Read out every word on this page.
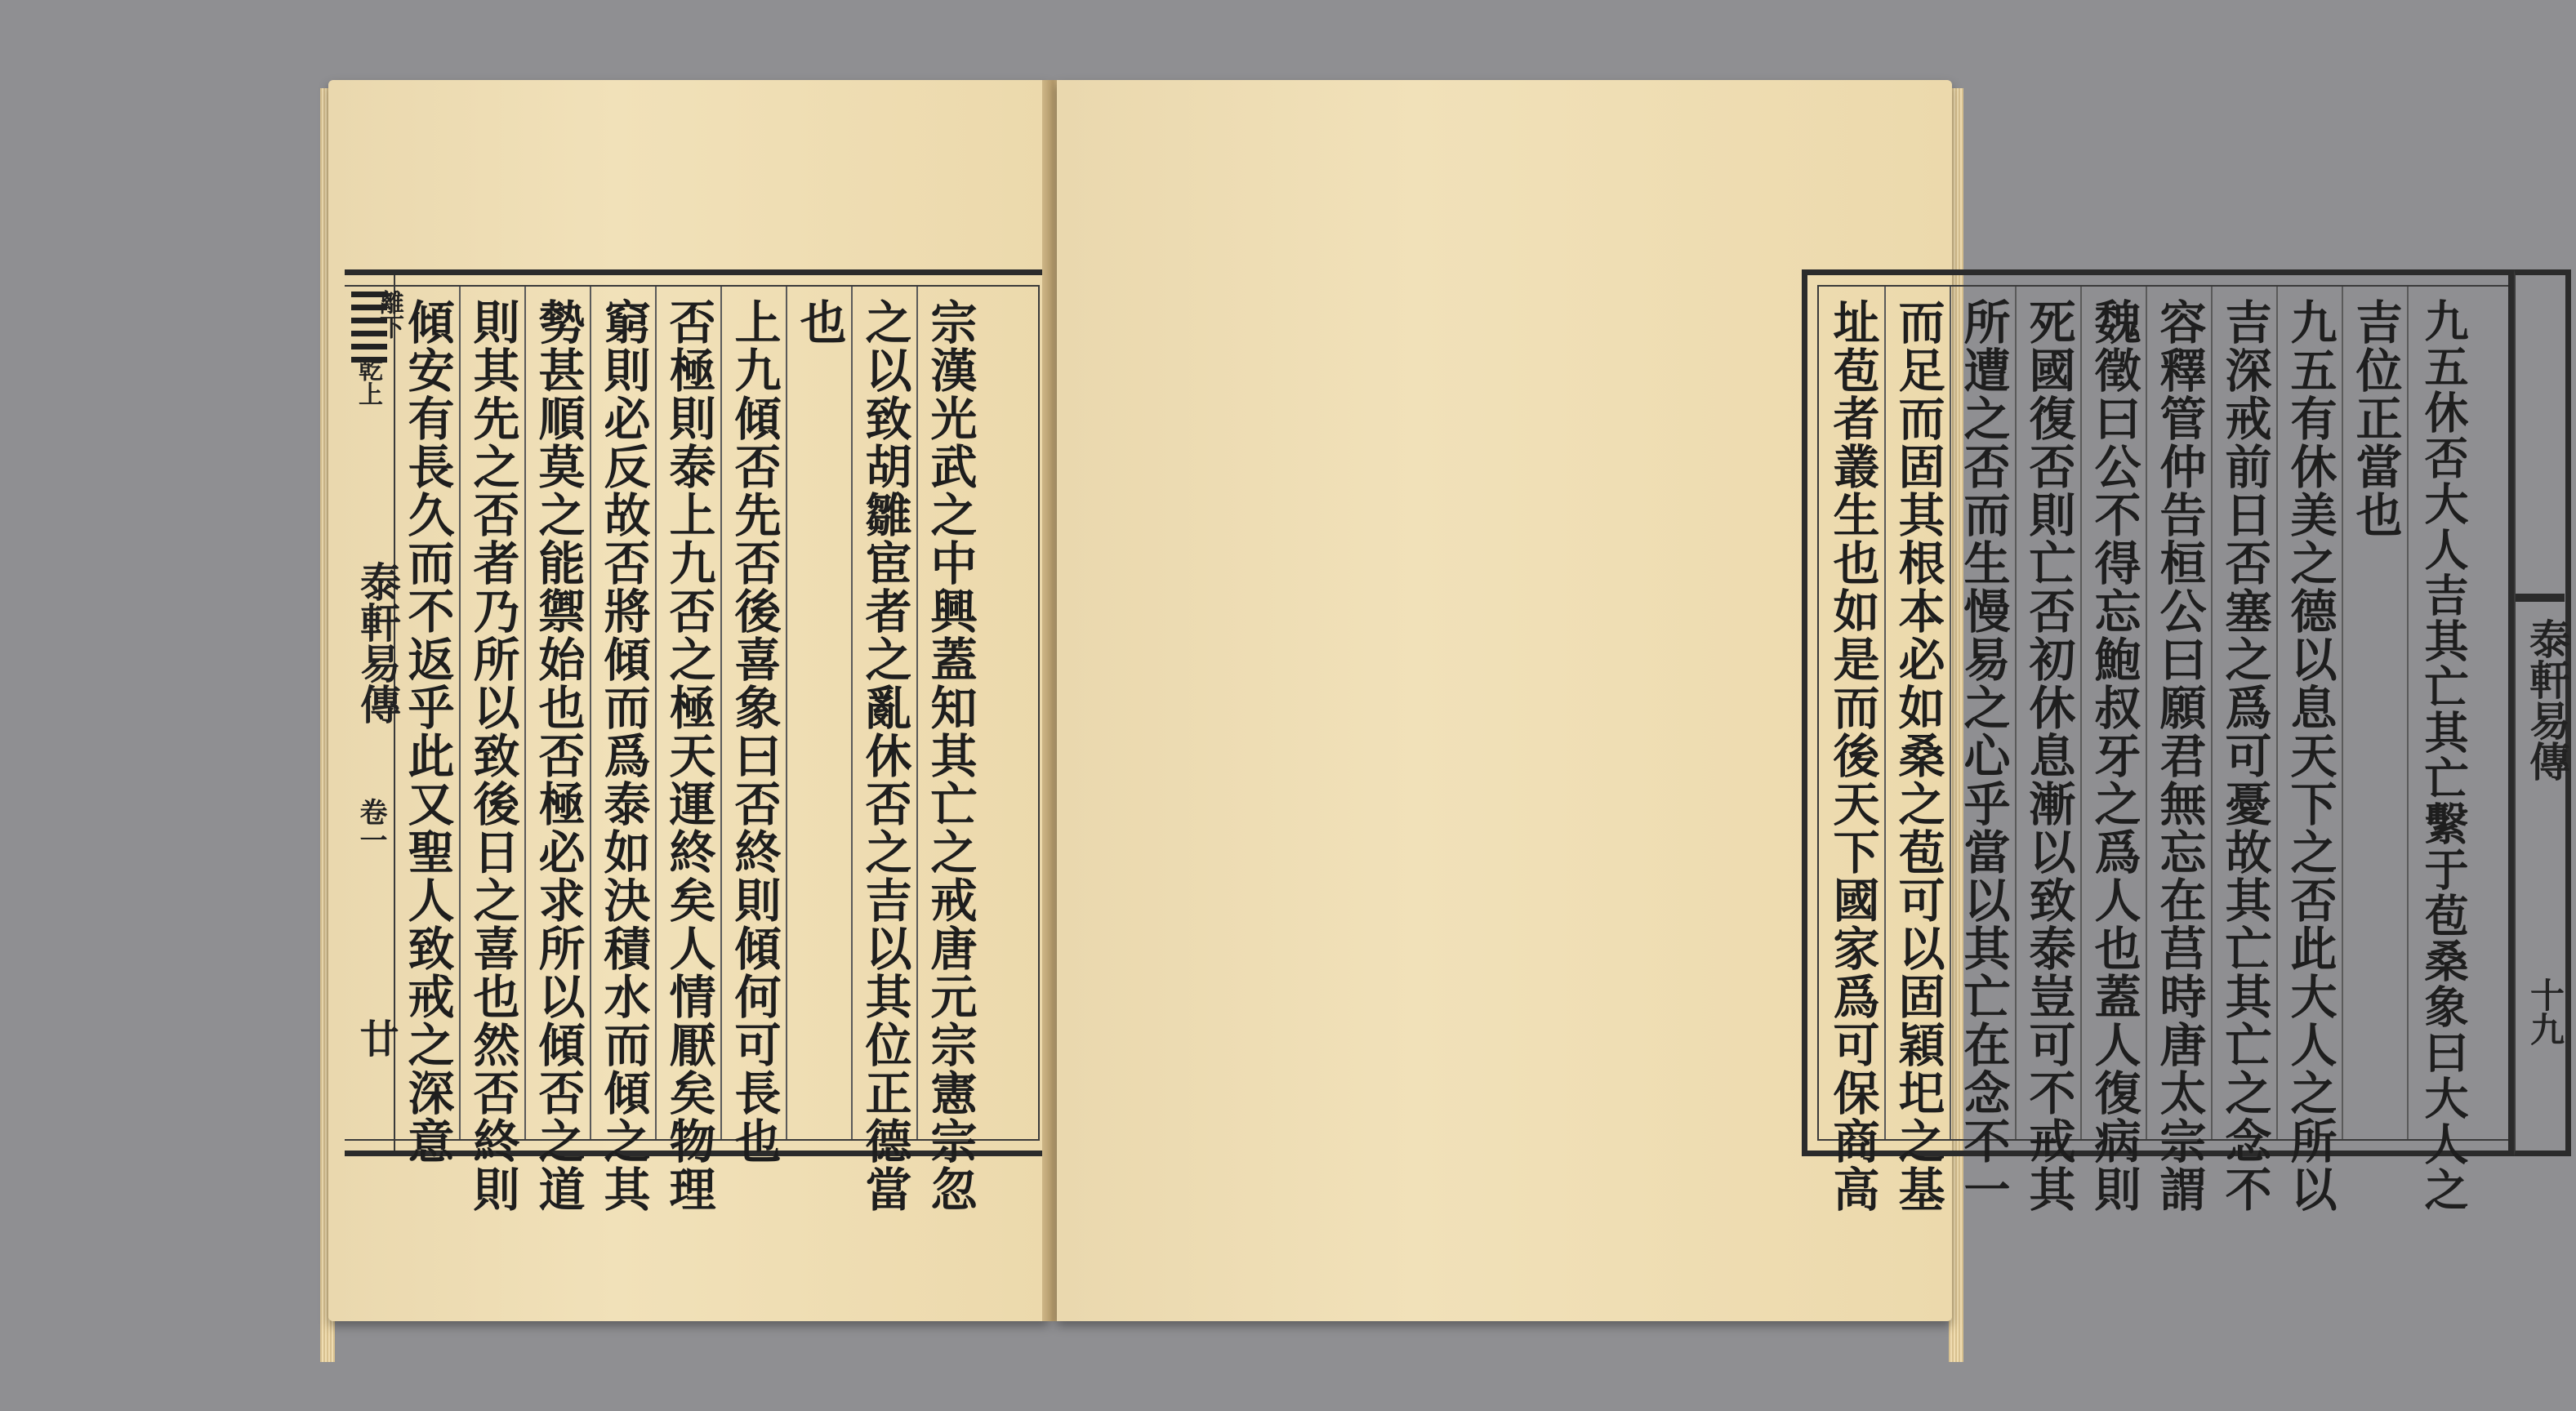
離下
乾上
泰軒易傳
卷一
廿	宗漢光武之中興蓋知其亡之戒唐元宗憲宗忽
之以致胡雛宦者之亂休否之吉以其位正德當
也
上九傾否先否後喜象曰否終則傾何可長也
否極則泰上九否之極天運終矣人情厭矣物理
窮則必反故否將傾而爲泰如決積水而傾之其
勢甚順莫之能禦始也否極必求所以傾否之道
則其先之否者乃所以致後日之喜也然否終則
傾安有長久而不返乎此又聖人致戒之深意	九五休否大人吉其亡其亡繫于苞桑象曰大人之
吉位正當也
九五有休美之德以息天下之否此大人之所以
吉深戒前日否塞之爲可憂故其亡其亡之念不
容釋管仲告桓公曰願君無忘在莒時唐太宗謂
魏徵曰公不得忘鮑叔牙之爲人也蓋人復病則
死國復否則亡否初休息漸以致泰豈可不戒其
所遭之否而生慢易之心乎當以其亡在念不一
而足而固其根本必如桑之苞可以固穎圯之基
址苞者叢生也如是而後天下國家爲可保商高	泰軒易傳
十九
